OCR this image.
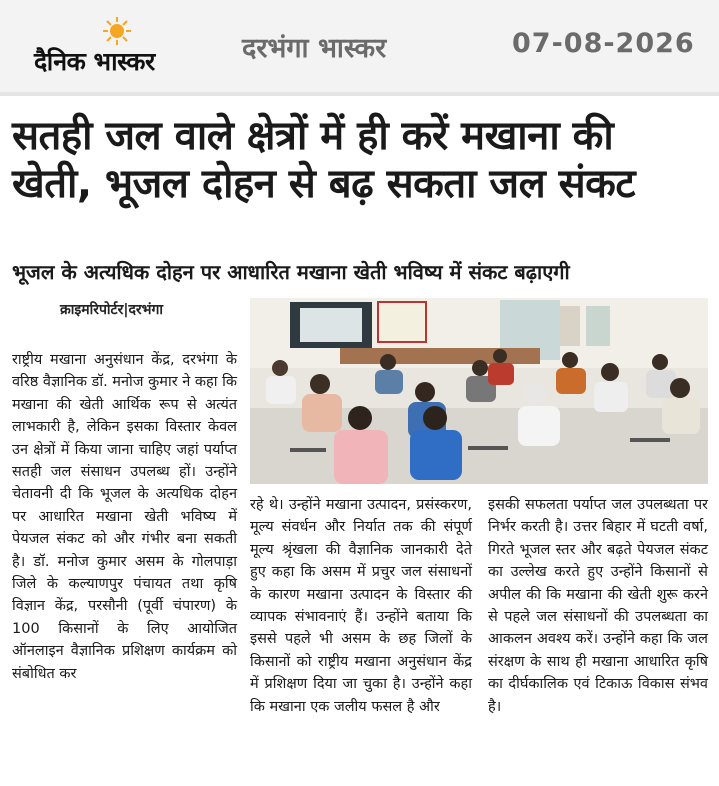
दैनिक भास्कर	दरभंगा भास्कर	07-08-2026
सतही जल वाले क्षेत्रों में ही करें मखाना की
खेती, भूजल दोहन से बढ़ सकता जल संकट
भूजल के अत्यधिक दोहन पर आधारित मखाना खेती भविष्य में संकट बढ़ाएगी
क्राइमरिपोर्टर|दरभंगा
राष्ट्रीय मखाना अनुसंधान केंद्र, दरभंगा के वरिष्ठ वैज्ञानिक डॉ. मनोज कुमार ने कहा कि मखाना की खेती आर्थिक रूप से अत्यंत लाभकारी है, लेकिन इसका विस्तार केवल उन क्षेत्रों में किया जाना चाहिए जहां पर्याप्त सतही जल संसाधन उपलब्ध हों। उन्होंने चेतावनी दी कि भूजल के अत्यधिक दोहन पर आधारित मखाना खेती भविष्य में पेयजल संकट को और गंभीर बना सकती है। डॉ. मनोज कुमार असम के गोलपाड़ा जिले के कल्याणपुर पंचायत तथा कृषि विज्ञान केंद्र, परसौनी (पूर्वी चंपारण) के 100 किसानों के लिए आयोजित ऑनलाइन वैज्ञानिक प्रशिक्षण कार्यक्रम को संबोधित कर
रहे थे। उन्होंने मखाना उत्पादन, प्रसंस्करण, मूल्य संवर्धन और निर्यात तक की संपूर्ण मूल्य श्रृंखला की वैज्ञानिक जानकारी देते हुए कहा कि असम में प्रचुर जल संसाधनों के कारण मखाना उत्पादन के विस्तार की व्यापक संभावनाएं हैं। उन्होंने बताया कि इससे पहले भी असम के छह जिलों के किसानों को राष्ट्रीय मखाना अनुसंधान केंद्र में प्रशिक्षण दिया जा चुका है। उन्होंने कहा कि मखाना एक जलीय फसल है और
इसकी सफलता पर्याप्त जल उपलब्धता पर निर्भर करती है। उत्तर बिहार में घटती वर्षा, गिरते भूजल स्तर और बढ़ते पेयजल संकट का उल्लेख करते हुए उन्होंने किसानों से अपील की कि मखाना की खेती शुरू करने से पहले जल संसाधनों की उपलब्धता का आकलन अवश्य करें। उन्होंने कहा कि जल संरक्षण के साथ ही मखाना आधारित कृषि का दीर्घकालिक एवं टिकाऊ विकास संभव है।
